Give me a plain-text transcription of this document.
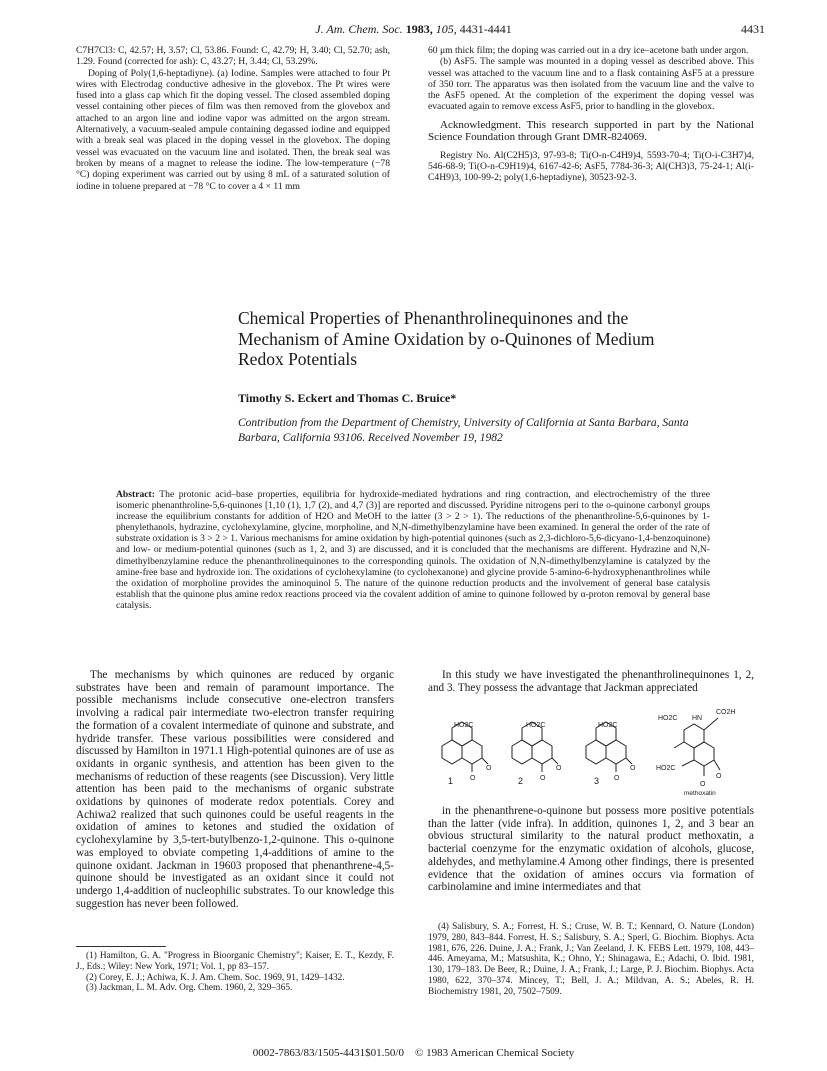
J. Am. Chem. Soc. 1983, 105, 4431-4441	4431

C7H7Cl3: C, 42.57; H, 3.57; Cl, 53.86. Found: C, 42.79; H, 3.40; Cl, 52.70; ash, 1.29. Found (corrected for ash): C, 43.27; H, 3.44; Cl, 53.29%.

Doping of Poly(1,6-heptadiyne). (a) Iodine. Samples were attached to four Pt wires with Electrodag conductive adhesive in the glovebox. The Pt wires were fused into a glass cap which fit the doping vessel. The closed assembled doping vessel containing other pieces of film was then removed from the glovebox and attached to an argon line and iodine vapor was admitted on the argon stream. Alternatively, a vacuum-sealed ampule containing degassed iodine and equipped with a break seal was placed in the doping vessel in the glovebox. The doping vessel was evacuated on the vacuum line and isolated. Then, the break seal was broken by means of a magnet to release the iodine. The low-temperature (−78 °C) doping experiment was carried out by using 8 mL of a saturated solution of iodine in toluene prepared at −78 °C to cover a 4 × 11 mm

60 μm thick film; the doping was carried out in a dry ice–acetone bath under argon.

(b) AsF5. The sample was mounted in a doping vessel as described above. This vessel was attached to the vacuum line and to a flask containing AsF5 at a pressure of 350 torr. The apparatus was then isolated from the vacuum line and the valve to the AsF5 opened. At the completion of the experiment the doping vessel was evacuated again to remove excess AsF5, prior to handling in the glovebox.

Acknowledgment. This research supported in part by the National Science Foundation through Grant DMR-824069.

Registry No. Al(C2H5)3, 97-93-8; Ti(O-n-C4H9)4, 5593-70-4; Ti(O-i-C3H7)4, 546-68-9; Ti(O-n-C9H19)4, 6167-42-6; AsF5, 7784-36-3; Al(CH3)3, 75-24-1; Al(i-C4H9)3, 100-99-2; poly(1,6-heptadiyne), 30523-92-3.

Chemical Properties of Phenanthrolinequinones and the Mechanism of Amine Oxidation by o-Quinones of Medium Redox Potentials
Timothy S. Eckert and Thomas C. Bruice*
Contribution from the Department of Chemistry, University of California at Santa Barbara, Santa Barbara, California 93106. Received November 19, 1982
Abstract: The protonic acid–base properties, equilibria for hydroxide-mediated hydrations and ring contraction, and electrochemistry of the three isomeric phenanthroline-5,6-quinones [1,10 (1), 1,7 (2), and 4,7 (3)] are reported and discussed. Pyridine nitrogens peri to the o-quinone carbonyl groups increase the equilibrium constants for addition of H2O and MeOH to the latter (3 > 2 > 1). The reductions of the phenanthroline-5,6-quinones by 1-phenylethanols, hydrazine, cyclohexylamine, glycine, morpholine, and N,N-dimethylbenzylamine have been examined. In general the order of the rate of substrate oxidation is 3 > 2 > 1. Various mechanisms for amine oxidation by high-potential quinones (such as 2,3-dichloro-5,6-dicyano-1,4-benzoquinone) and low- or medium-potential quinones (such as 1, 2, and 3) are discussed, and it is concluded that the mechanisms are different. Hydrazine and N,N-dimethylbenzylamine reduce the phenanthrolinequinones to the corresponding quinols. The oxidation of N,N-dimethylbenzylamine is catalyzed by the amine-free base and hydroxide ion. The oxidations of cyclohexylamine (to cyclohexanone) and glycine provide 5-amino-6-hydroxyphenanthrolines while the oxidation of morpholine provides the aminoquinol 5. The nature of the quinone reduction products and the involvement of general base catalysis establish that the quinone plus amine redox reactions proceed via the covalent addition of amine to quinone followed by α-proton removal by general base catalysis.

The mechanisms by which quinones are reduced by organic substrates have been and remain of paramount importance. The possible mechanisms include consecutive one-electron transfers involving a radical pair intermediate two-electron transfer requiring the formation of a covalent intermediate of quinone and substrate, and hydride transfer. These various possibilities were considered and discussed by Hamilton in 1971.1 High-potential quinones are of use as oxidants in organic synthesis, and attention has been given to the mechanisms of reduction of these reagents (see Discussion). Very little attention has been paid to the mechanisms of organic substrate oxidations by quinones of moderate redox potentials. Corey and Achiwa2 realized that such quinones could be useful reagents in the oxidation of amines to ketones and studied the oxidation of cyclohexylamine by 3,5-tert-butylbenzo-1,2-quinone. This o-quinone was employed to obviate competing 1,4-additions of amine to the quinone oxidant. Jackman in 19603 proposed that phenanthrene-4,5-quinone should be investigated as an oxidant since it could not undergo 1,4-addition of nucleophilic substrates. To our knowledge this suggestion has never been followed.

In this study we have investigated the phenanthrolinequinones 1, 2, and 3. They possess the advantage that Jackman appreciated

HO2C	HO2C	HO2C
O
O
O
O
O
O
CO2H
HN
HO2C
HO2C
O
O
1	2	3
methoxatin

in the phenanthrene-o-quinone but possess more positive potentials than the latter (vide infra). In addition, quinones 1, 2, and 3 bear an obvious structural similarity to the natural product methoxatin, a bacterial coenzyme for the enzymatic oxidation of alcohols, glucose, aldehydes, and methylamine.4 Among other findings, there is presented evidence that the oxidation of amines occurs via formation of carbinolamine and imine intermediates and that

(1) Hamilton, G. A. "Progress in Bioorganic Chemistry"; Kaiser, E. T., Kezdy, F. J., Eds.; Wiley: New York, 1971; Vol. 1, pp 83–157.

(2) Corey, E. J.; Achiwa, K. J. Am. Chem. Soc. 1969, 91, 1429–1432.

(3) Jackman, L. M. Adv. Org. Chem. 1960, 2, 329–365.

(4) Salisbury, S. A.; Forrest, H. S.; Cruse, W. B. T.; Kennard, O. Nature (London) 1979, 280, 843–844. Forrest, H. S.; Salisbury, S. A.; Sperl, G. Biochim. Biophys. Acta 1981, 676, 226. Duine, J. A.; Frank, J.; Van Zeeland, J. K. FEBS Lett. 1979, 108, 443–446. Ameyama, M.; Matsushita, K.; Ohno, Y.; Shinagawa, E.; Adachi, O. Ibid. 1981, 130, 179–183. De Beer, R.; Duine, J. A.; Frank, J.; Large, P. J. Biochim. Biophys. Acta 1980, 622, 370–374. Mincey, T.; Bell, J. A.; Mildvan, A. S.; Abeles, R. H. Biochemistry 1981, 20, 7502–7509.

0002-7863/83/1505-4431$01.50/0 © 1983 American Chemical Society
